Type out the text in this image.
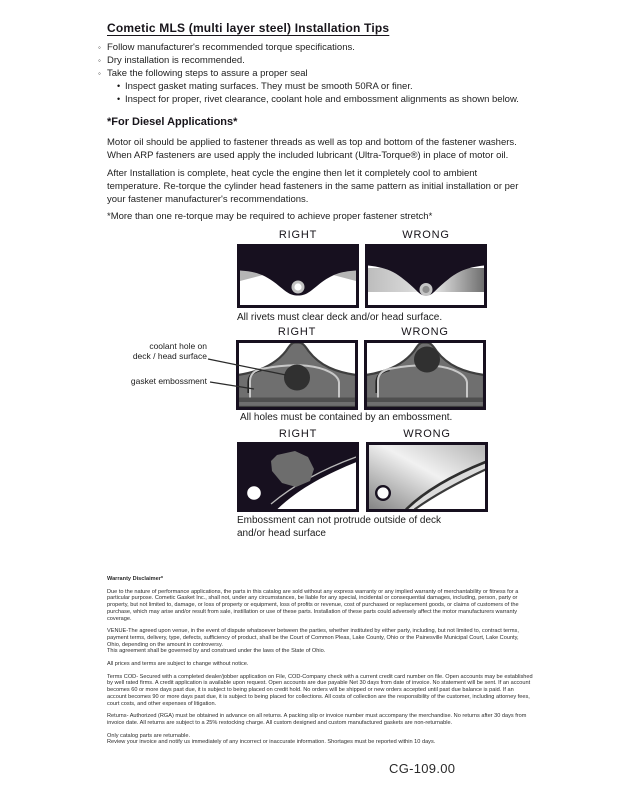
Cometic MLS (multi layer steel) Installation Tips
◦ Follow manufacturer's recommended torque specifications.
◦ Dry installation is recommended.
◦ Take the following steps to assure a proper seal
• Inspect gasket mating surfaces. They must be smooth 50RA or finer.
• Inspect for proper, rivet clearance, coolant hole and embossment alignments as shown below.
*For Diesel Applications*
Motor oil should be applied to fastener threads as well as top and bottom of the fastener washers. When ARP fasteners are used apply the included lubricant (Ultra-Torque®) in place of motor oil.
After Installation is complete, heat cycle the engine then let it completely cool to ambient temperature. Re-torque the cylinder head fasteners in the same pattern as initial installation or per your fastener manufacturer's recommendations.
*More than one re-torque may be required to achieve proper fastener stretch*
RIGHT	WRONG
All rivets must clear deck and/or head surface.
RIGHT	WRONG
coolant hole on
deck / head surface
gasket embossment
All holes must be contained by an embossment.
RIGHT	WRONG
Embossment can not protrude outside of deck
and/or head surface

Warranty Disclaimer*

Due to the nature of performance applications, the parts in this catalog are sold without any express warranty or any implied warranty of merchantability or fitness for a particular purpose. Cometic Gasket Inc., shall not, under any circumstances, be liable for any special, incidental or consequential damages, including, person, party or property, but not limited to, damage, or loss of property or equipment, loss of profits or revenue, cost of purchased or replacement goods, or claims of customers of the purchase, which may arise and/or result from sale, instillation or use of these parts. Installation of these parts could adversely affect the motor manufacturers warranty coverage.

VENUE-The agreed upon venue, in the event of dispute whatsoever between the parties, whether instituted by either party, including, but not limited to, contract terms, payment terms, delivery, type, defects, sufficiency of product, shall be the Court of Common Pleas, Lake County, Ohio or the Painesville Municipal Court, Lake County, Ohio, depending on the amount in controversy.

This agreement shall be governed by and construed under the laws of the State of Ohio.

All prices and terms are subject to change without notice.

Terms COD- Secured with a completed dealer/jobber application on File, COD-Company check with a current credit card number on file. Open accounts may be established by well rated firms. A credit application is available upon request. Open accounts are due payable Net 30 days from date of invoice. No statement will be sent. If an account becomes 60 or more days past due, it is subject to being placed on credit hold. No orders will be shipped or new orders accepted until past due balance is paid. If an account becomes 90 or more days past due, it is subject to being placed for collections. All costs of collection are the responsibility of the customer, including attorney fees, court costs, and other expenses of litigation.

Returns- Authorized (RGA) must be obtained in advance on all returns. A packing slip or invoice number must accompany the merchandise. No returns after 30 days from invoice date. All returns are subject to a 25% restocking charge. All custom designed and custom manufactured gaskets are non-returnable.

Only catalog parts are returnable.

Review your invoice and notify us immediately of any incorrect or inaccurate information. Shortages must be reported within 10 days.

CG-109.00
